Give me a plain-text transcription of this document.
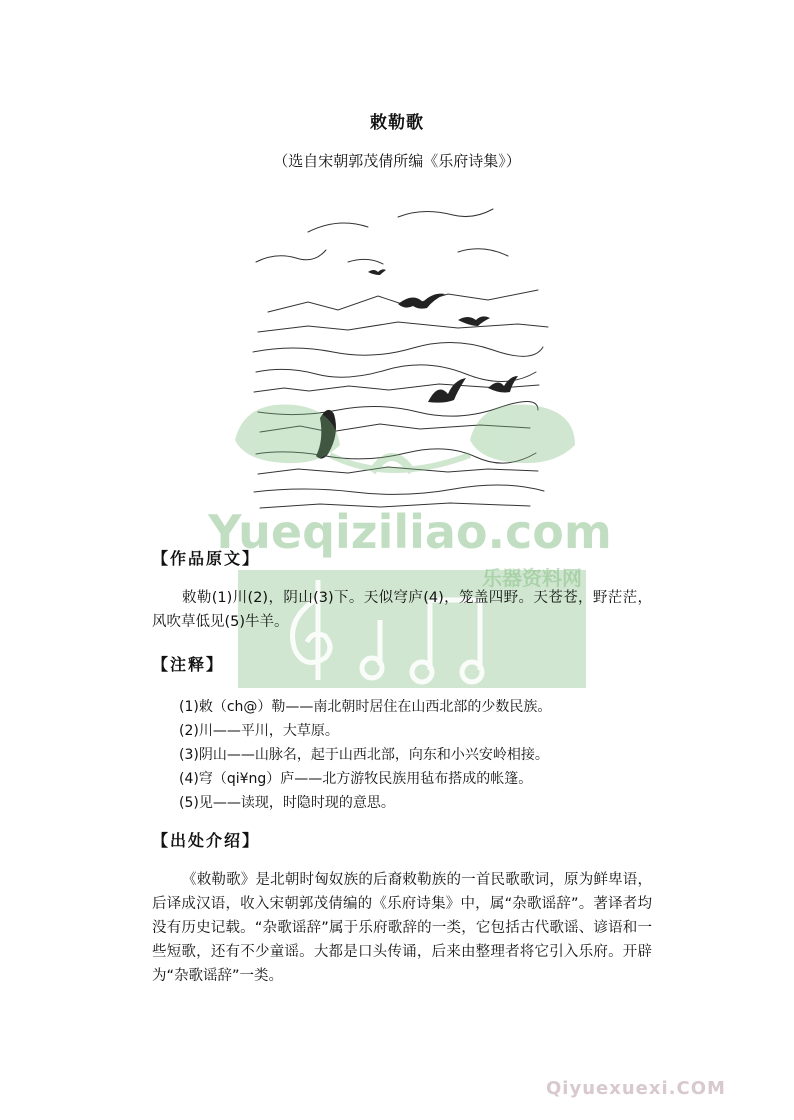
敕勒歌
（选自宋朝郭茂倩所编《乐府诗集》）
Yueqiziliao.com
乐器资料网
【作品原文】
敕勒(1)川(2)，阴山(3)下。天似穹庐(4)，笼盖四野。天苍苍，野茫茫，风吹草低见(5)牛羊。
【注释】
(1)敕（ch@）勒——南北朝时居住在山西北部的少数民族。
(2)川——平川，大草原。
(3)阴山——山脉名，起于山西北部，向东和小兴安岭相接。
(4)穹（qi¥ng）庐——北方游牧民族用毡布搭成的帐篷。
(5)见——读现，时隐时现的意思。
【出处介绍】
《敕勒歌》是北朝时匈奴族的后裔敕勒族的一首民歌歌词，原为鲜卑语，后译成汉语，收入宋朝郭茂倩编的《乐府诗集》中，属“杂歌谣辞”。著译者均没有历史记载。“杂歌谣辞”属于乐府歌辞的一类，它包括古代歌谣、谚语和一些短歌，还有不少童谣。大都是口头传诵，后来由整理者将它引入乐府。开辟为“杂歌谣辞”一类。
Qiyuexuexi.COM
